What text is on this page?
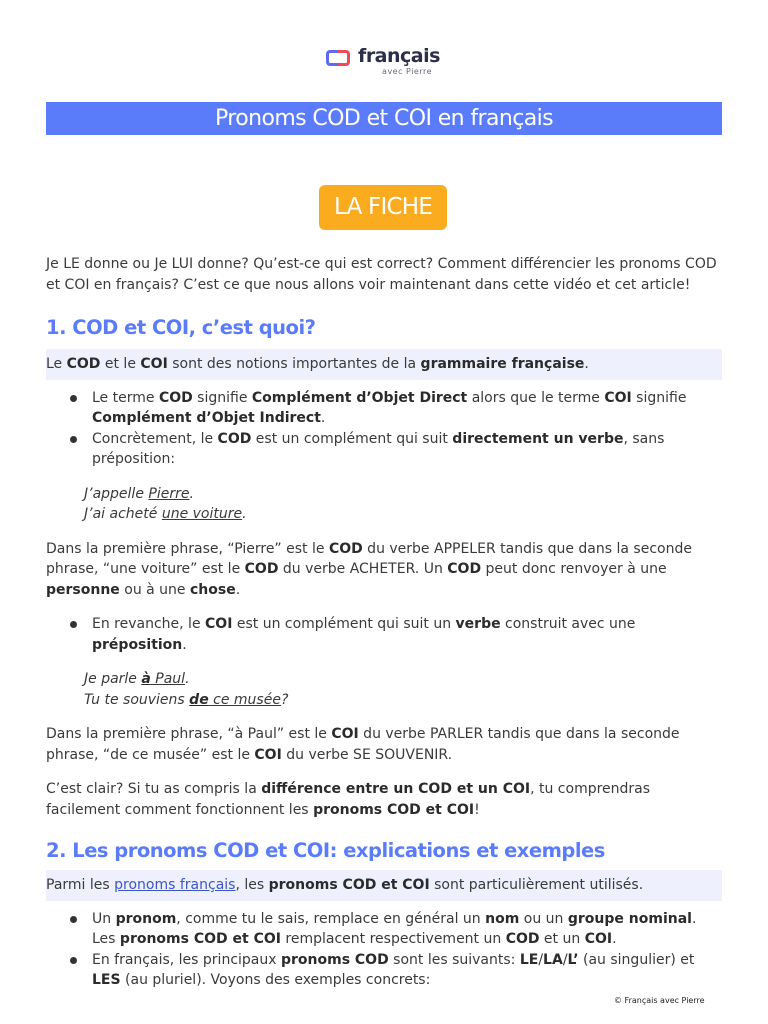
français
avec Pierre
Pronoms COD et COI en français
LA FICHE

Je LE donne ou Je LUI donne? Qu’est-ce qui est correct? Comment différencier les pronoms COD et COI en français? C’est ce que nous allons voir maintenant dans cette vidéo et cet article!

1. COD et COI, c’est quoi?

Le COD et le COI sont des notions importantes de la grammaire française.

Le terme COD signifie Complément d’Objet Direct alors que le terme COI signifie Complément d’Objet Indirect.
Concrètement, le COD est un complément qui suit directement un verbe, sans préposition:
J’appelle Pierre.
J’ai acheté une voiture.

Dans la première phrase, “Pierre” est le COD du verbe APPELER tandis que dans la seconde phrase, “une voiture” est le COD du verbe ACHETER. Un COD peut donc renvoyer à une personne ou à une chose.

En revanche, le COI est un complément qui suit un verbe construit avec une préposition.
Je parle à Paul.
Tu te souviens de ce musée?

Dans la première phrase, “à Paul” est le COI du verbe PARLER tandis que dans la seconde phrase, “de ce musée” est le COI du verbe SE SOUVENIR.

C’est clair? Si tu as compris la différence entre un COD et un COI, tu comprendras facilement comment fonctionnent les pronoms COD et COI!

2. Les pronoms COD et COI: explications et exemples

Parmi les pronoms français, les pronoms COD et COI sont particulièrement utilisés.

Un pronom, comme tu le sais, remplace en général un nom ou un groupe nominal. Les pronoms COD et COI remplacent respectivement un COD et un COI.
En français, les principaux pronoms COD sont les suivants: LE/LA/L’ (au singulier) et LES (au pluriel). Voyons des exemples concrets:
© Français avec Pierre
